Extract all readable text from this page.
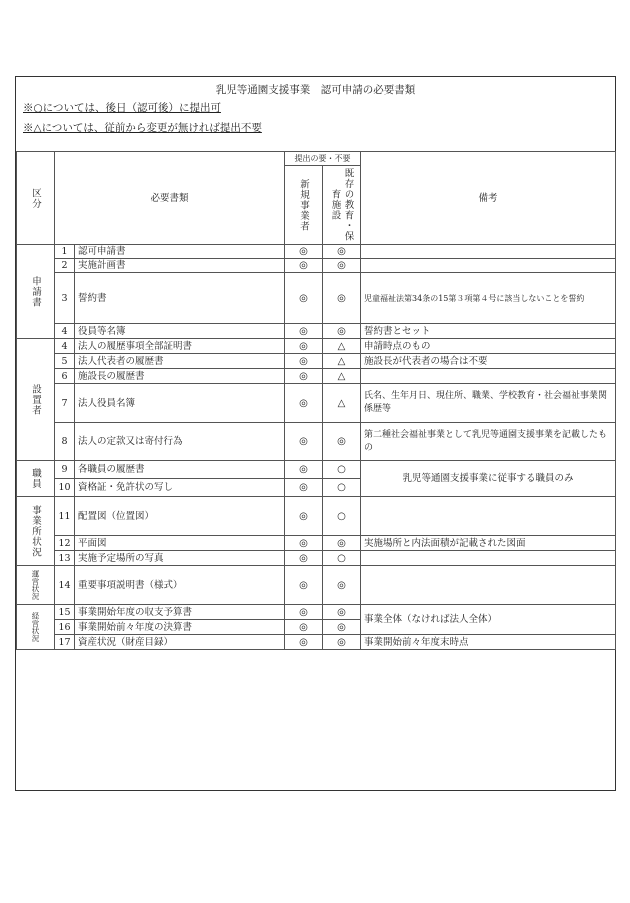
乳児等通園支援事業　認可申請の必要書類
※○については、後日（認可後）に提出可
※△については、従前から変更が無ければ提出不要
区分	必要書類		提出の要・不要		備考

			新規事業者	既存の教育・保育施設	

申請書	1	認可申請書	◎	◎	
	2	実施計画書	◎	◎	
	3	誓約書	◎	◎	児童福祉法第34条の15第３項第４号に該当しないことを誓約
	4	役員等名簿	◎	◎	誓約書とセット

設置者	4	法人の履歴事項全部証明書	◎	△	申請時点のもの
	5	法人代表者の履歴書	◎	△	施設長が代表者の場合は不要
	6	施設長の履歴書	◎	△	
	7	法人役員名簿	◎	△	氏名、生年月日、現住所、職業、学校教育・社会福祉事業関係歴等
	8	法人の定款又は寄付行為	◎	◎	第二種社会福祉事業として乳児等通園支援事業を記載したもの

職員	9	各職員の履歴書	◎	○	乳児等通園支援事業に従事する職員のみ
	10	資格証・免許状の写し	◎	○	

事業所状況	11	配置図（位置図）	◎	○	
	12	平面図	◎	◎	実施場所と内法面積が記載された図面
	13	実施予定場所の写真	◎	○	

運営状況	14	重要事項説明書（様式）	◎	◎	

経営状況	15	事業開始年度の収支予算書	◎	◎	事業全体（なければ法人全体）
	16	事業開始前々年度の決算書	◎	◎	
	17	資産状況（財産目録）	◎	◎	事業開始前々年度末時点
